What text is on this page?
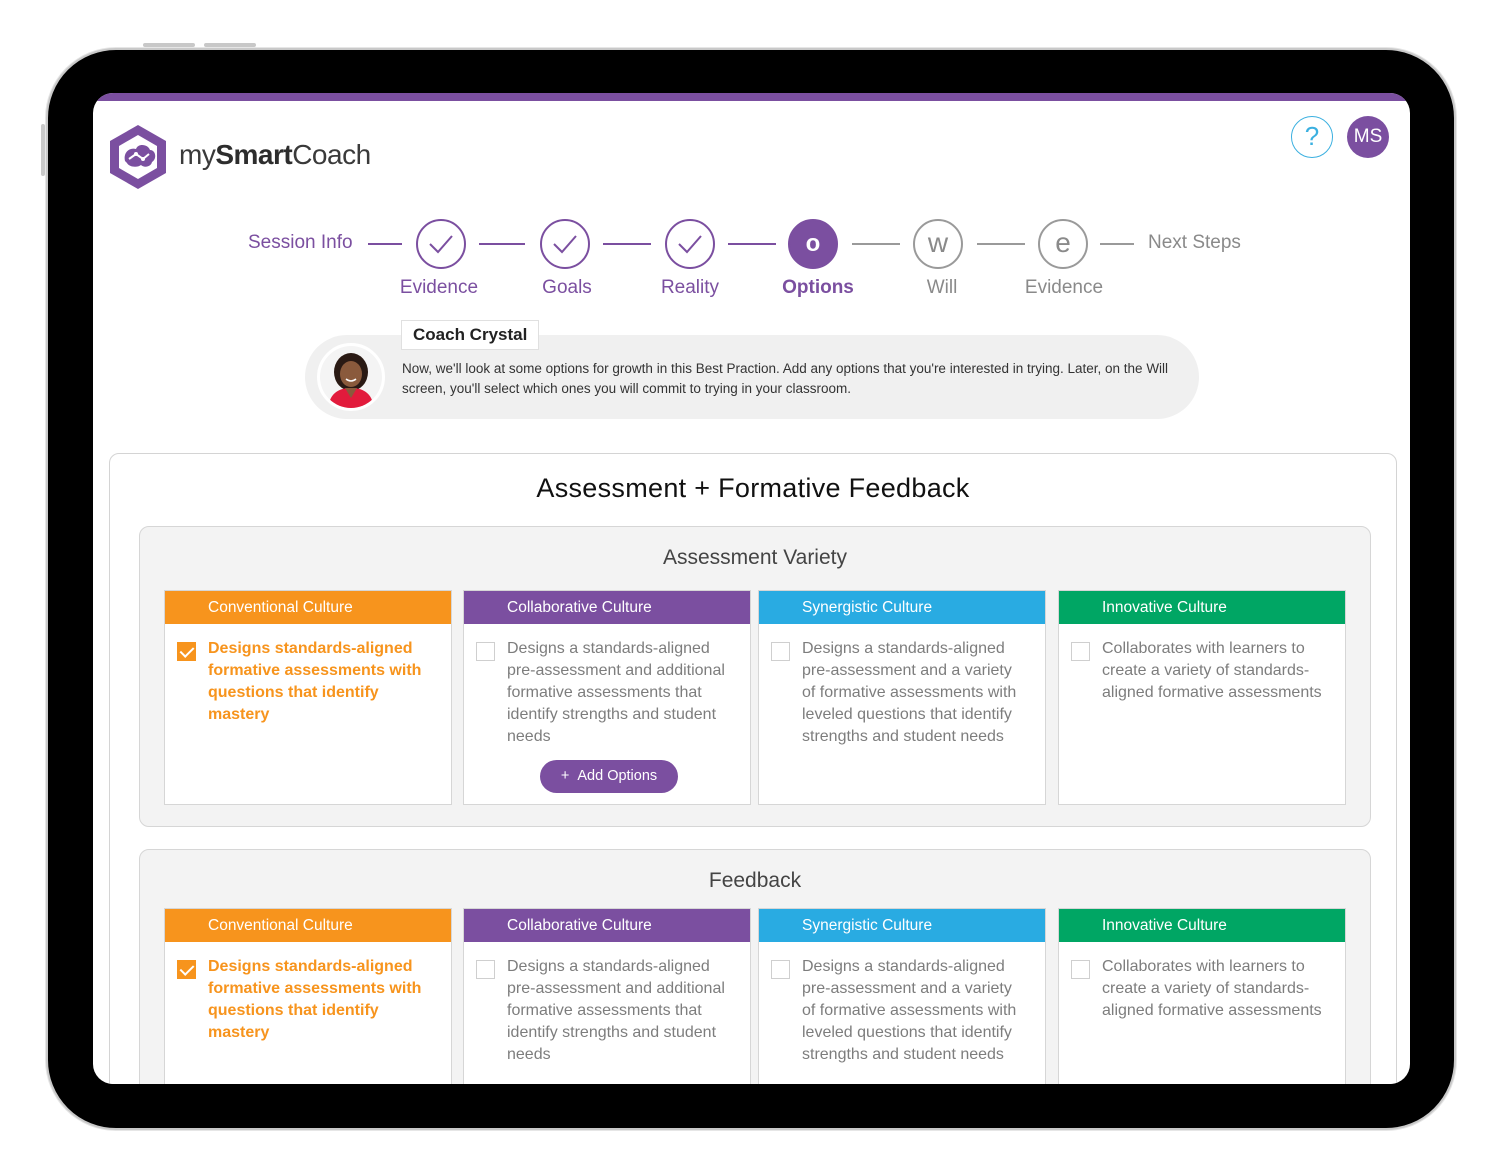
mySmartCoach
?	MS
Session Info	o	w	e	Next Steps
Evidence	Goals	Reality	Options	Will	Evidence
Coach Crystal
Now, we'll look at some options for growth in this Best Praction. Add any options that you're interested in trying. Later, on the Will screen, you'll select which ones you will commit to trying in your classroom.
Assessment + Formative Feedback
Assessment Variety
Conventional Culture
Designs standards-aligned formative assessments with questions that identify mastery
Collaborative Culture
Designs a standards-aligned pre-assessment and additional formative assessments that identify strengths and student needs
+ Add Options
Synergistic Culture
Designs a standards-aligned pre-assessment and a variety of formative assessments with leveled questions that identify strengths and student needs
Innovative Culture
Collaborates with learners to create a variety of standards-aligned formative assessments
Feedback
Conventional Culture
Designs standards-aligned formative assessments with questions that identify mastery
Collaborative Culture
Designs a standards-aligned pre-assessment and additional formative assessments that identify strengths and student needs
Synergistic Culture
Designs a standards-aligned pre-assessment and a variety of formative assessments with leveled questions that identify strengths and student needs
Innovative Culture
Collaborates with learners to create a variety of standards-aligned formative assessments
